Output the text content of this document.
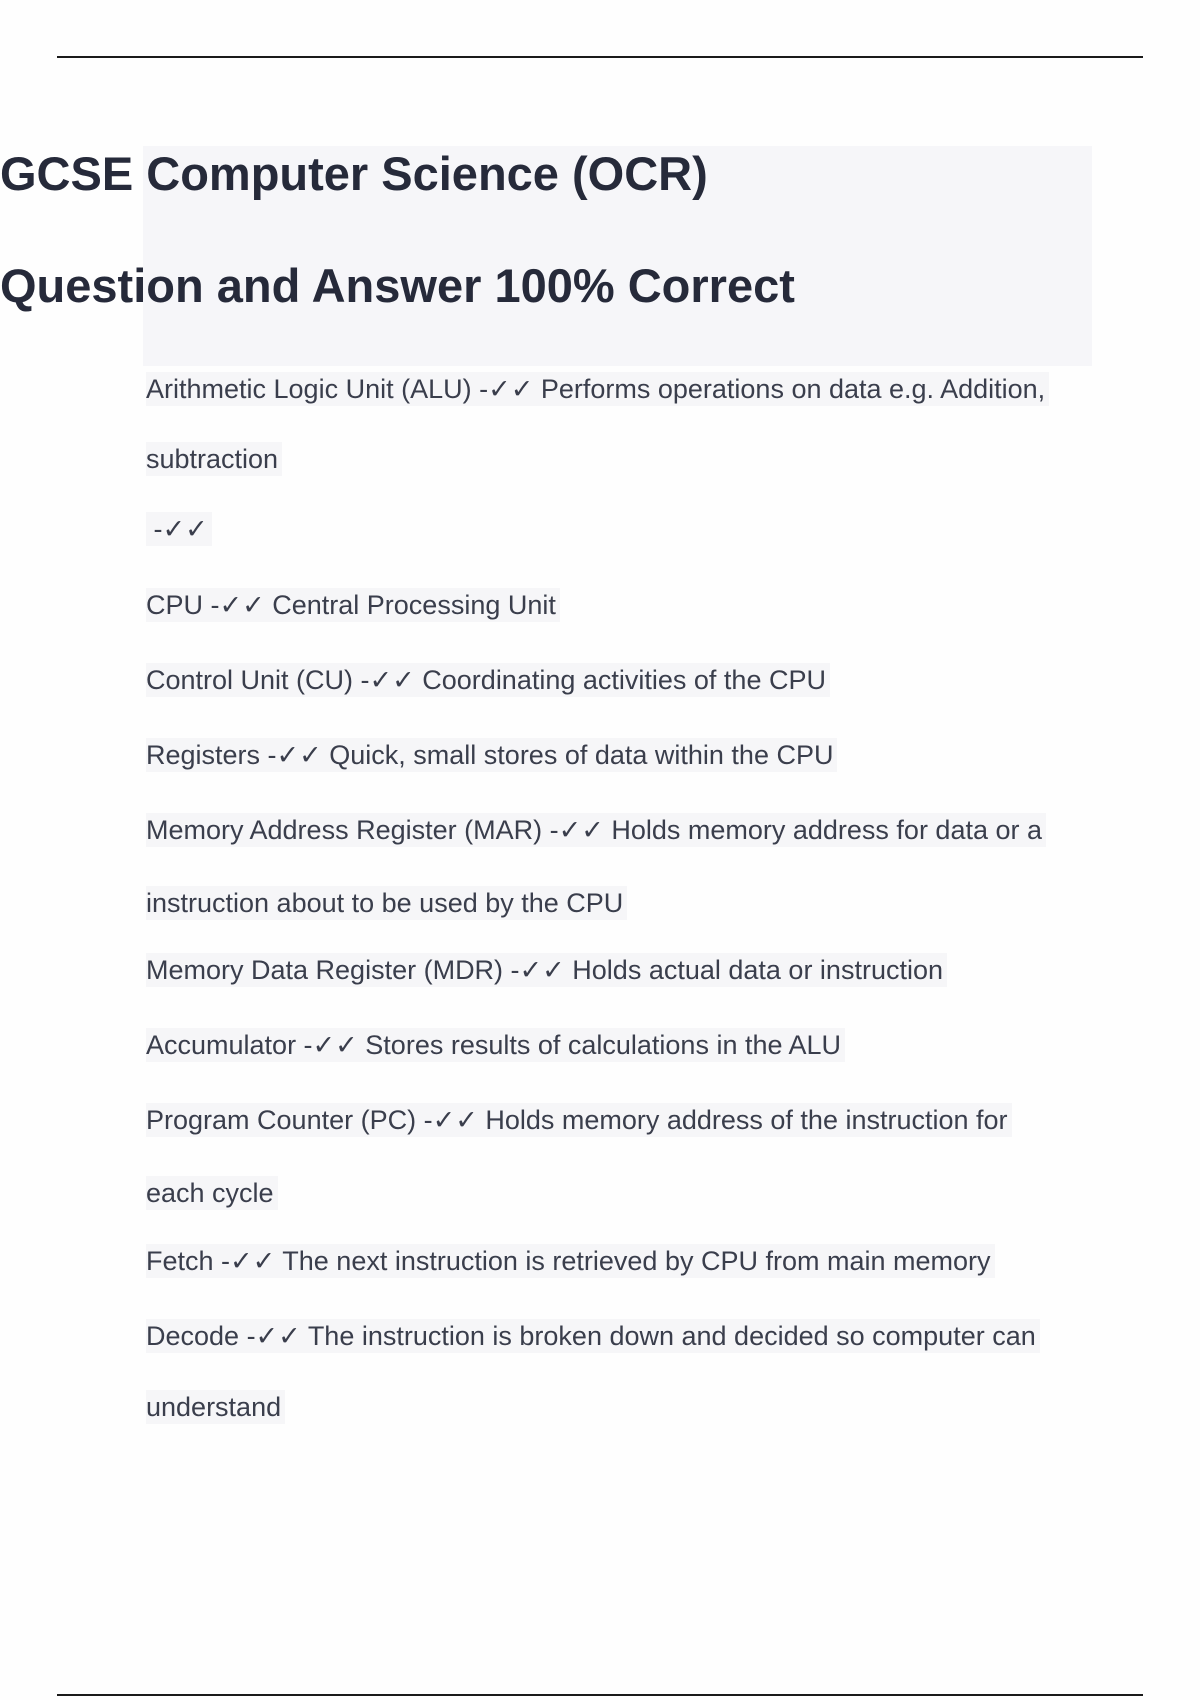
GCSE Computer Science (OCR)
Question and Answer 100% Correct
Arithmetic Logic Unit (ALU) -✓✓ Performs operations on data e.g. Addition,
subtraction
-✓✓
CPU -✓✓ Central Processing Unit
Control Unit (CU) -✓✓ Coordinating activities of the CPU
Registers -✓✓ Quick, small stores of data within the CPU
Memory Address Register (MAR) -✓✓ Holds memory address for data or a
instruction about to be used by the CPU
Memory Data Register (MDR) -✓✓ Holds actual data or instruction
Accumulator -✓✓ Stores results of calculations in the ALU
Program Counter (PC) -✓✓ Holds memory address of the instruction for
each cycle
Fetch -✓✓ The next instruction is retrieved by CPU from main memory
Decode -✓✓ The instruction is broken down and decided so computer can
understand
